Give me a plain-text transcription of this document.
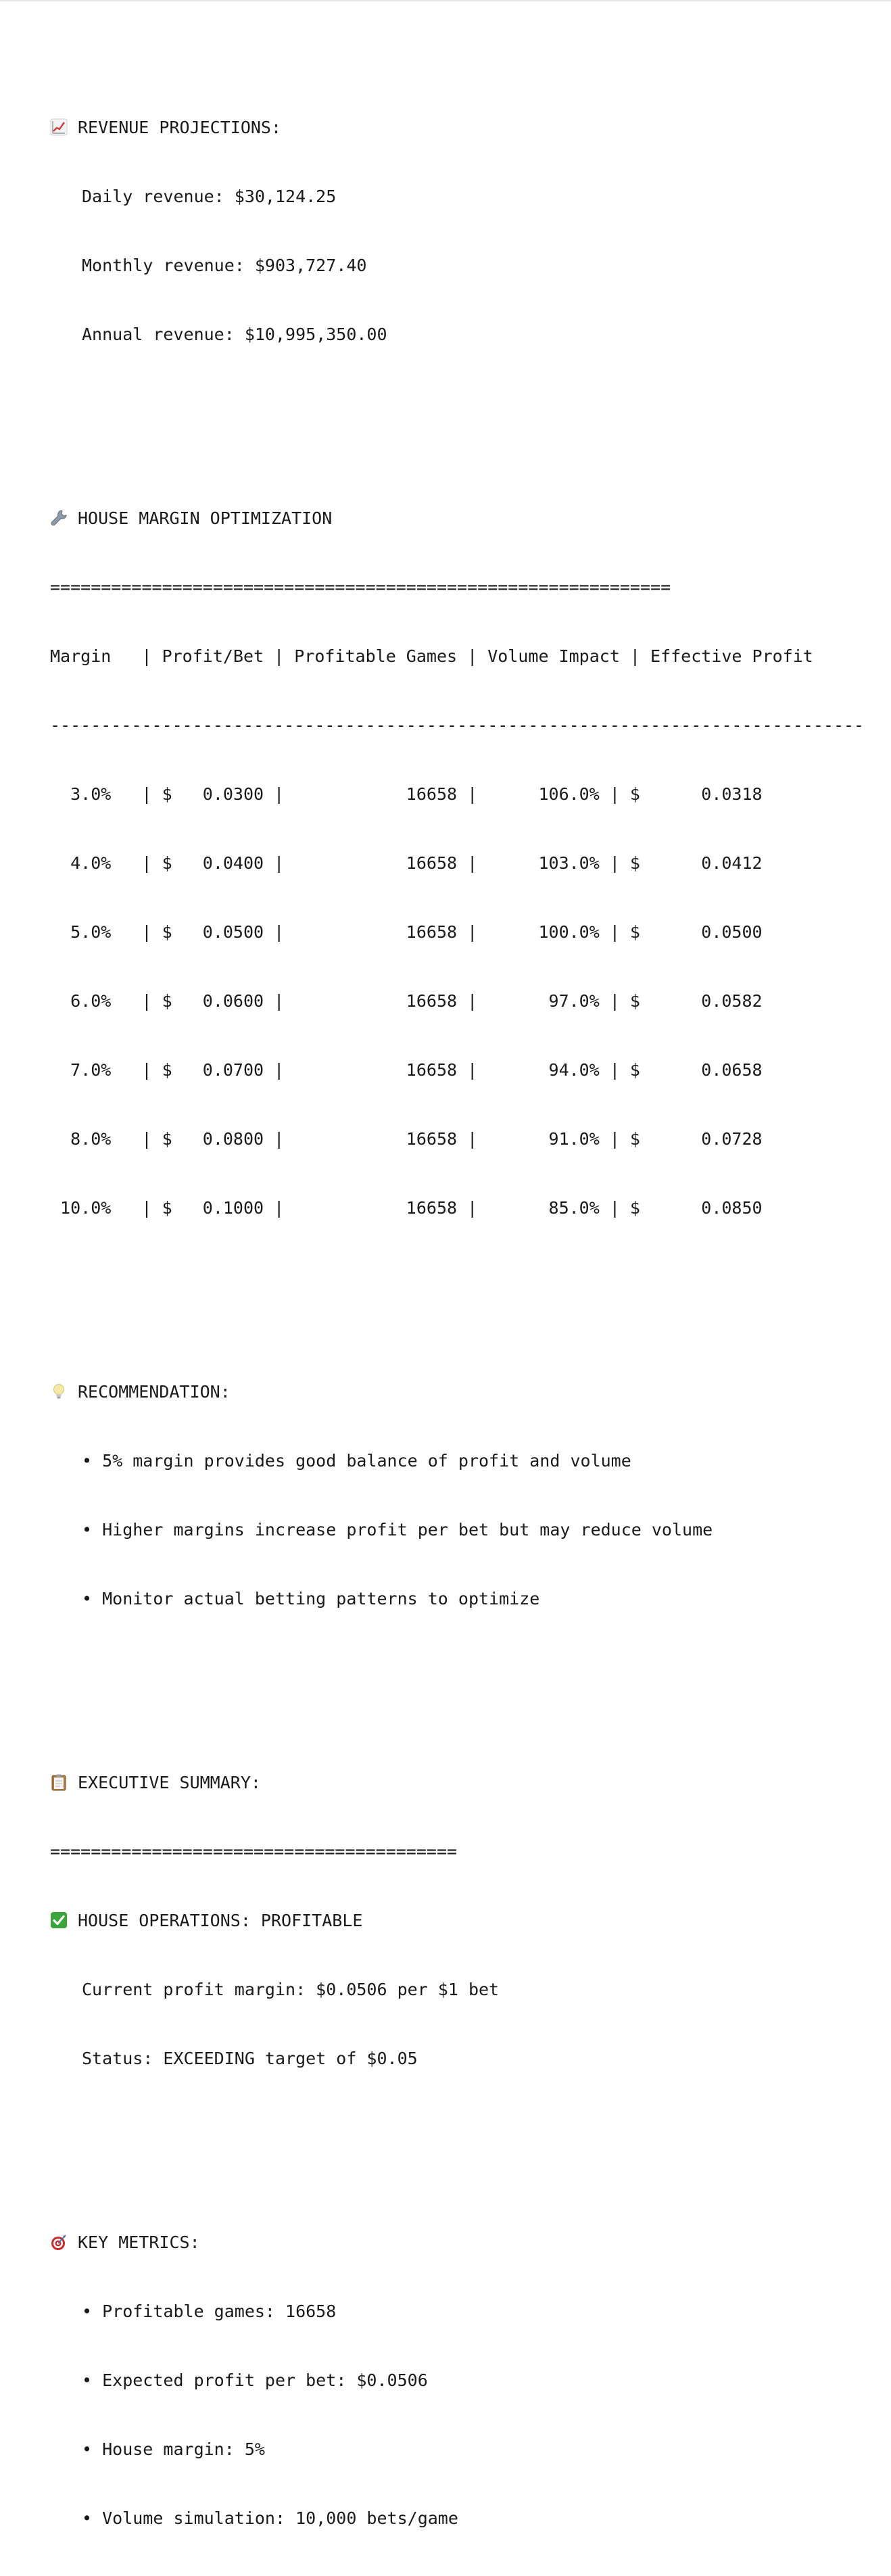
REVENUE PROJECTIONS:

Daily revenue: $30,124.25

Monthly revenue: $903,727.40

Annual revenue: $10,995,350.00

HOUSE MARGIN OPTIMIZATION

=============================================================

Margin   | Profit/Bet | Profitable Games | Volume Impact | Effective Profit

--------------------------------------------------------------------------------

3.0%   | $   0.0300 |            16658 |      106.0% | $      0.0318

4.0%   | $   0.0400 |            16658 |      103.0% | $      0.0412

5.0%   | $   0.0500 |            16658 |      100.0% | $      0.0500

6.0%   | $   0.0600 |            16658 |       97.0% | $      0.0582

7.0%   | $   0.0700 |            16658 |       94.0% | $      0.0658

8.0%   | $   0.0800 |            16658 |       91.0% | $      0.0728

10.0%   | $   0.1000 |            16658 |       85.0% | $      0.0850

RECOMMENDATION:

• 5% margin provides good balance of profit and volume

• Higher margins increase profit per bet but may reduce volume

• Monitor actual betting patterns to optimize

EXECUTIVE SUMMARY:

========================================

HOUSE OPERATIONS: PROFITABLE

Current profit margin: $0.0506 per $1 bet

Status: EXCEEDING target of $0.05

KEY METRICS:

• Profitable games: 16658

• Expected profit per bet: $0.0506

• House margin: 5%

• Volume simulation: 10,000 bets/game
